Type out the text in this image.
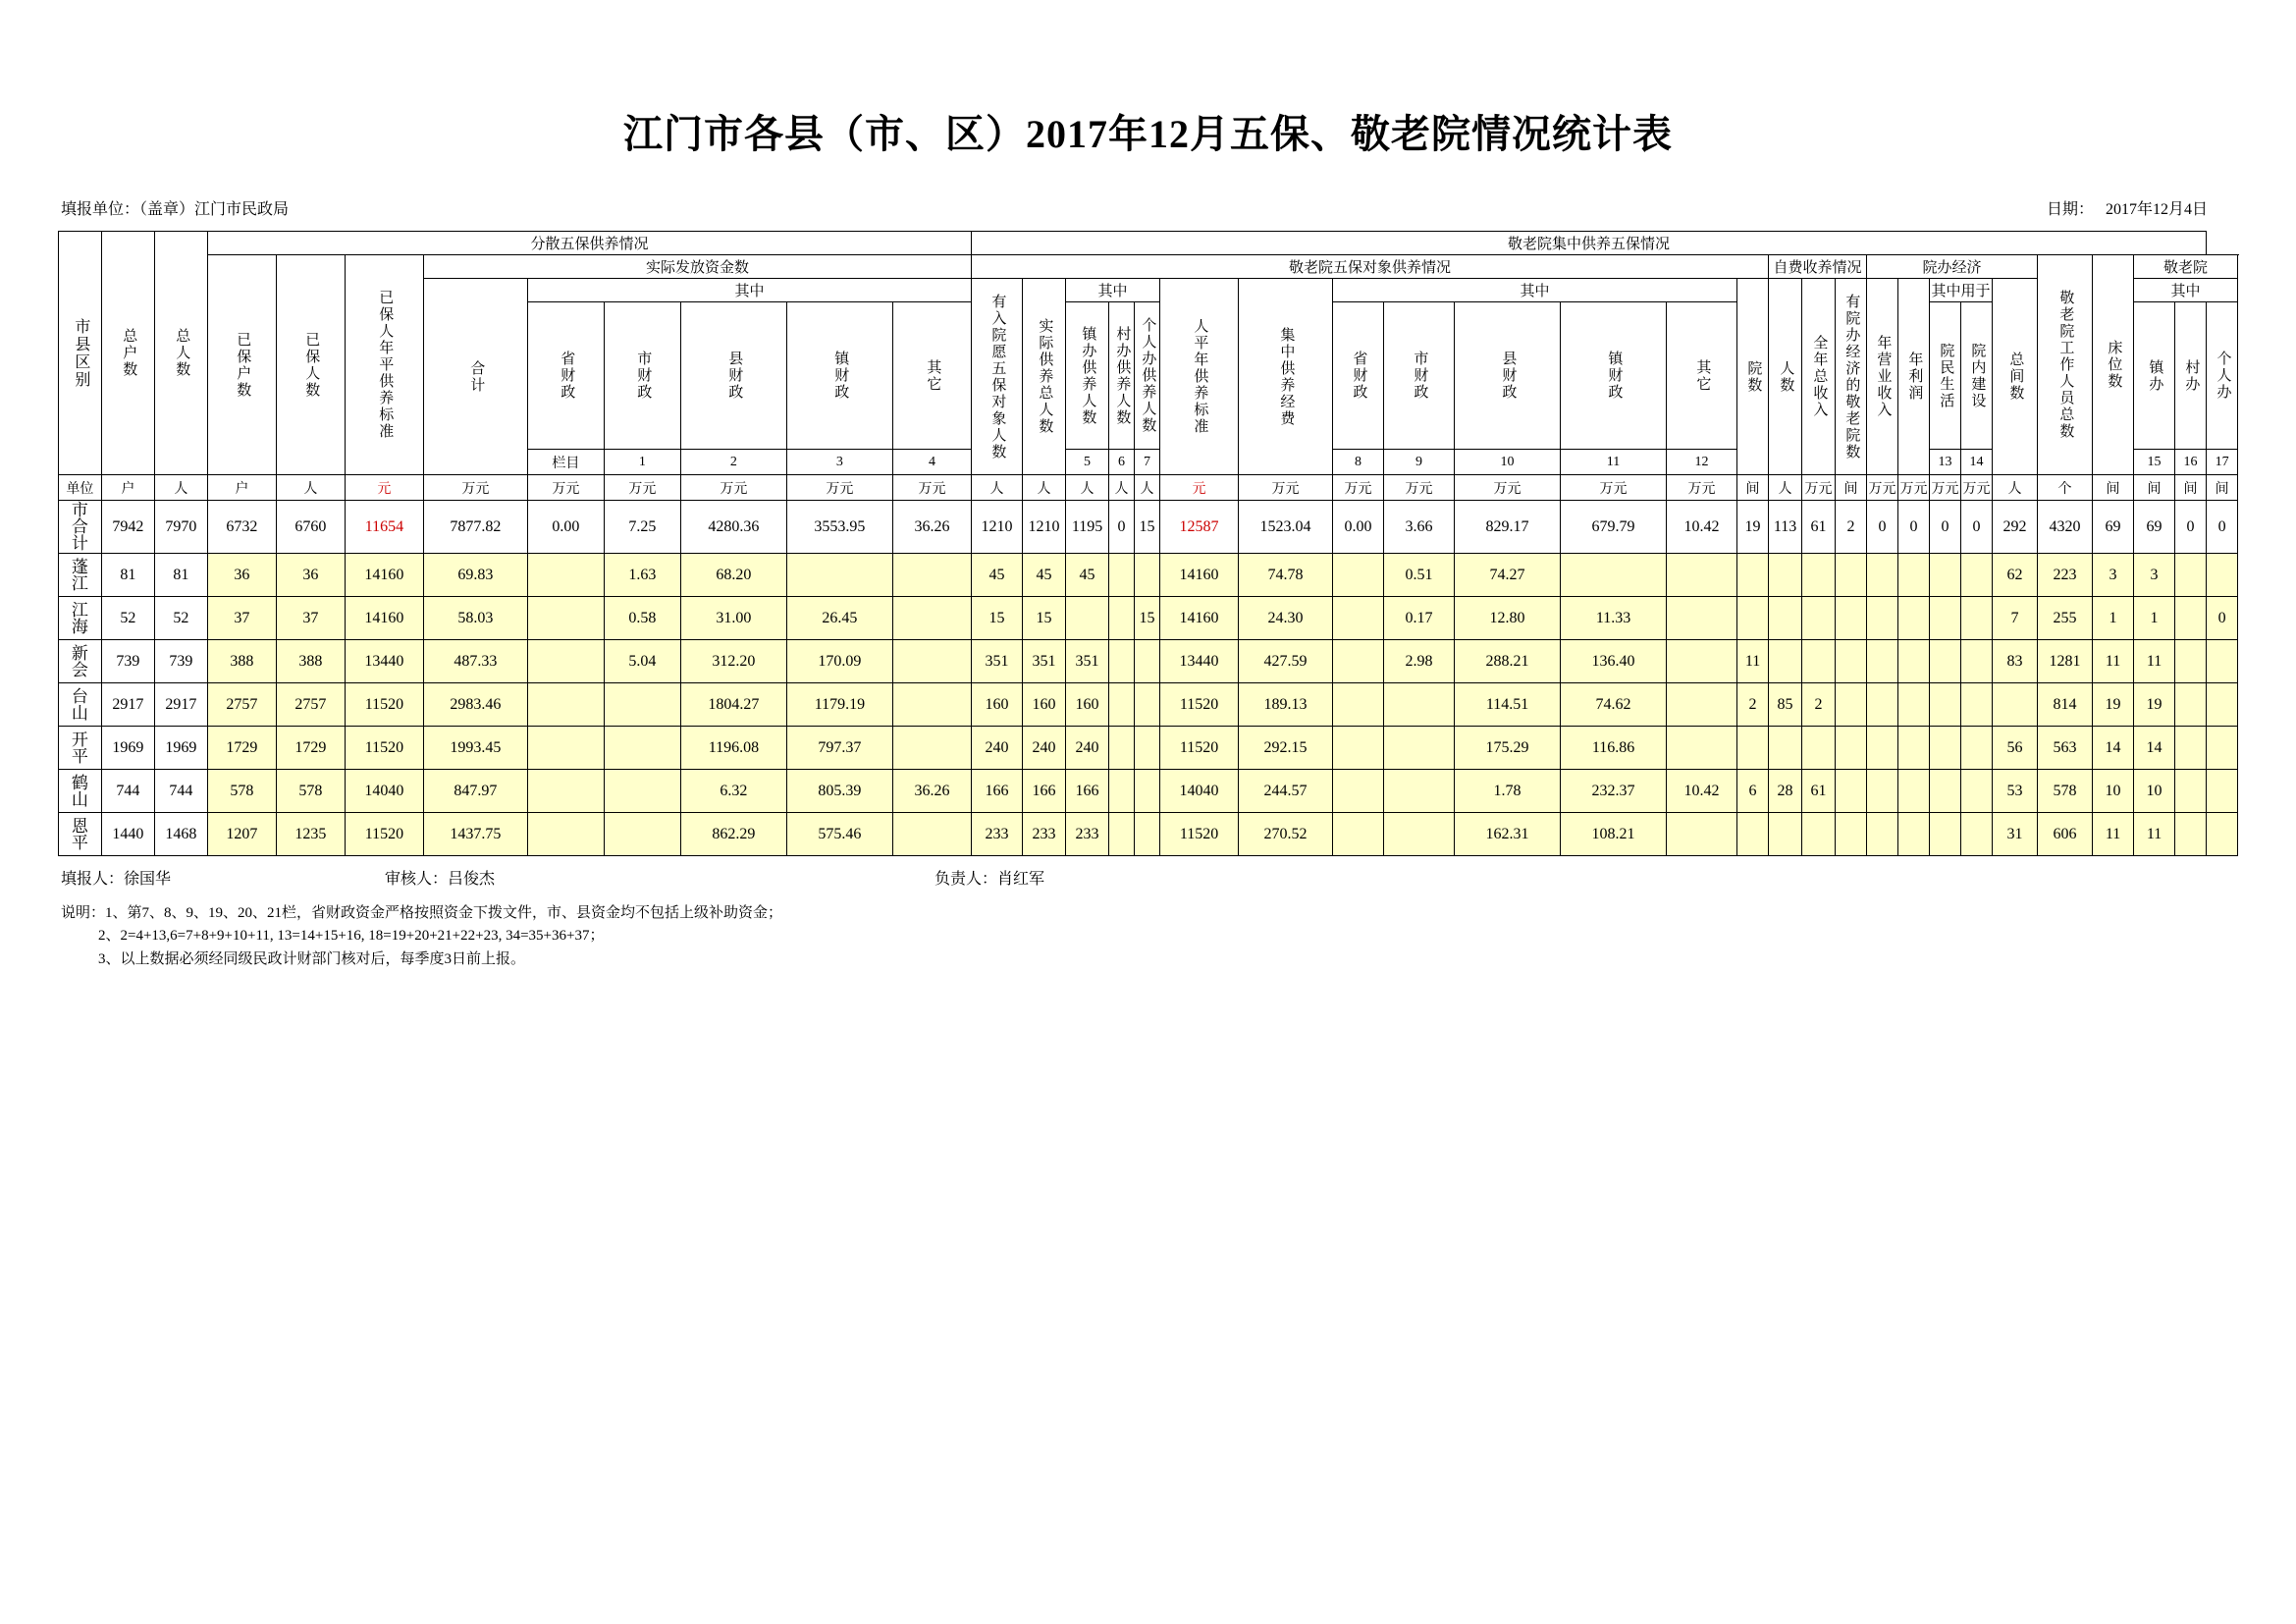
江门市各县（市、区）2017年12月五保、敬老院情况统计表
填报单位：（盖章）江门市民政局	日期： 2017年12月4日
市县区别	总户数	总人数	分散五保供养情况									敬老院集中供养五保情况																										

			已保户数	已保人数	已保人年平供养标准	实际发放资金数						敬老院五保对象供养情况													自费收养情况			院办经济					敬老院工作人员总数	床位数	敬老院			

						合计	其中					有入院愿五保对象人数	实际供养总人数	其中			人平年供养标准	集中供养经费	其中					院数	人数	全年总收入	有院办经济的敬老院数	年营业收入	年利润	其中用于		总间数			其中			

							省财政	市财政	县财政	镇财政	其它			镇办供养人数	村办供养人数	个人办供养人数			省财政	市财政	县财政	镇财政	其它							院民生活	院内建设				镇办	村办	个人办	

							栏目	1	2	3	4			5	6	7			8	9	10	11	12							13	14				15	16	17																				
单位	户	人	户	人	元	万元	万元	万元	万元	万元	万元	人	人	人	人	人	元	万元	万元	万元	万元	万元	万元	间	人	万元	间	万元	万元	万元	万元	人	个	间	间	间	间	

市
合
计	7942	7970	6732	6760	11654	7877.82	0.00	7.25	4280.36	3553.95	36.26	1210	1210	1195	0	15	12587	1523.04	0.00	3.66	829.17	679.79	10.42	19	113	61	2	0	0	0	0	292	4320	69	69	0	0	

蓬
江	81	81	36	36	14160	69.83		1.63	68.20			45	45	45			14160	74.78		0.51	74.27											62	223	3	3			

江
海	52	52	37	37	14160	58.03		0.58	31.00	26.45		15	15			15	14160	24.30		0.17	12.80	11.33										7	255	1	1		0	

新
会	739	739	388	388	13440	487.33		5.04	312.20	170.09		351	351	351			13440	427.59		2.98	288.21	136.40		11								83	1281	11	11			

台
山	2917	2917	2757	2757	11520	2983.46			1804.27	1179.19		160	160	160			11520	189.13			114.51	74.62		2	85	2							814	19	19			

开
平	1969	1969	1729	1729	11520	1993.45			1196.08	797.37		240	240	240			11520	292.15			175.29	116.86										56	563	14	14			

鹤
山	744	744	578	578	14040	847.97			6.32	805.39	36.26	166	166	166			14040	244.57			1.78	232.37	10.42	6	28	61						53	578	10	10			

恩
平	1440	1468	1207	1235	11520	1437.75			862.29	575.46		233	233	233			11520	270.52			162.31	108.21										31	606	11	11			
填报人：徐国华	审核人：吕俊杰	负责人：肖红军
说明：1、第7、8、9、19、20、21栏，省财政资金严格按照资金下拨文件，市、县资金均不包括上级补助资金；
2、2=4+13,6=7+8+9+10+11, 13=14+15+16, 18=19+20+21+22+23, 34=35+36+37；
3、以上数据必须经同级民政计财部门核对后，每季度3日前上报。
